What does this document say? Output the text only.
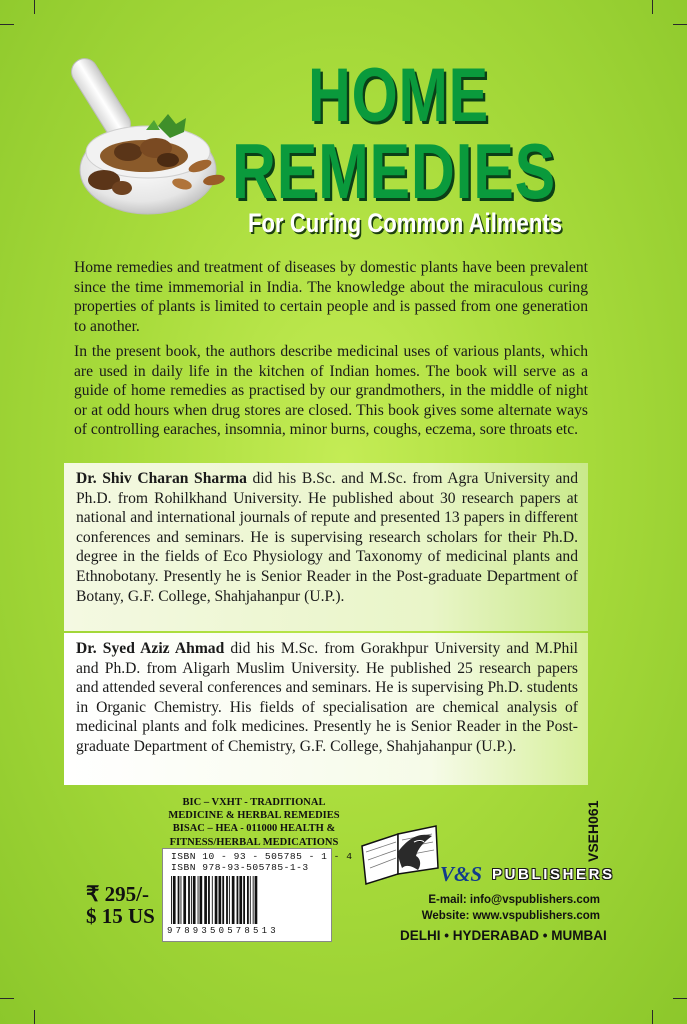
HOME
REMEDIES
For Curing Common Ailments

Home remedies and treatment of diseases by domestic plants have been prevalent since the time immemorial in India. The knowledge about the miraculous curing properties of plants is limited to certain people and is passed from one generation to another.

In the present book, the authors describe medicinal uses of various plants, which are used in daily life in the kitchen of Indian homes. The book will serve as a guide of home remedies as practised by our grandmothers, in the middle of night or at odd hours when drug stores are closed. This book gives some alternate ways of controlling earaches, insomnia, minor burns, coughs, eczema, sore throats etc.

Dr. Shiv Charan Sharma did his B.Sc. and M.Sc. from Agra University and Ph.D. from Rohilkhand University. He published about 30 research papers at national and international journals of repute and presented 13 papers in different conferences and seminars. He is supervising research scholars for their Ph.D. degree in the fields of Eco Physiology and Taxonomy of medicinal plants and Ethnobotany. Presently he is Senior Reader in the Post-graduate Department of Botany, G.F. College, Shahjahanpur (U.P.).
Dr. Syed Aziz Ahmad did his M.Sc. from Gorakhpur University and M.Phil and Ph.D. from Aligarh Muslim University. He published 25 research papers and attended several conferences and seminars. He is supervising Ph.D. students in Organic Chemistry. His fields of specialisation are chemical analysis of medicinal plants and folk medicines. Presently he is Senior Reader in the Post-graduate Department of Chemistry, G.F. College, Shahjahanpur (U.P.).
BIC – VXHT - TRADITIONAL
MEDICINE & HERBAL REMEDIES
BISAC – HEA - 011000 HEALTH &
FITNESS/HERBAL MEDICATIONS
ISBN 10 - 93 - 505785 - 1 - 4
ISBN 978-93-505785-1-3
9789350578513
₹ 295/-
$ 15 US
VSEH061
V&S PUBLISHERS
E-mail: info@vspublishers.com
Website: www.vspublishers.com
DELHI • HYDERABAD • MUMBAI
